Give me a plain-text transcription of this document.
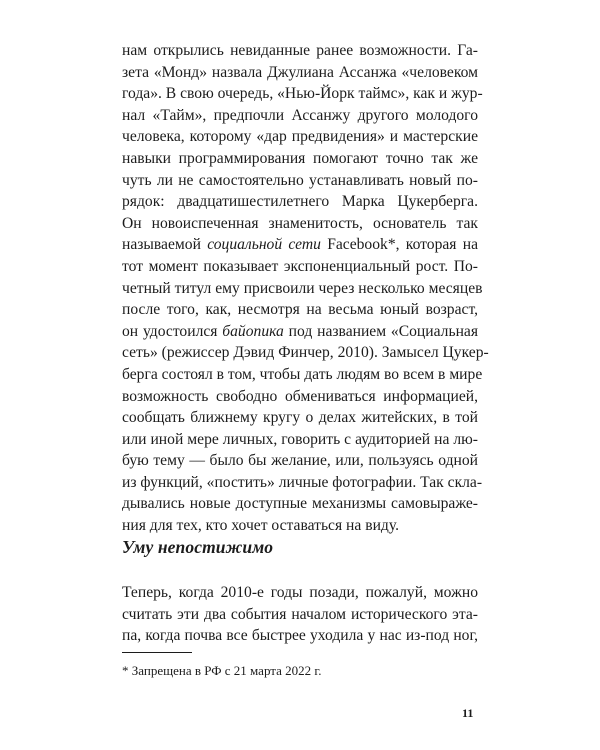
нам открылись невиданные ранее возможности. Га-
зета «Монд» назвала Джулиана Ассанжа «человеком
года». В свою очередь, «Нью-Йорк таймс», как и жур-
нал «Тайм», предпочли Ассанжу другого молодого
человека, которому «дар предвидения» и мастерские
навыки программирования помогают точно так же
чуть ли не самостоятельно устанавливать новый по-
рядок: двадцатишестилетнего Марка Цукерберга.
Он новоиспеченная знаменитость, основатель так
называемой социальной сети Facebook*, которая на
тот момент показывает экспоненциальный рост. По-
четный титул ему присвоили через несколько месяцев
после того, как, несмотря на весьма юный возраст,
он удостоился байопика под названием «Социальная
сеть» (режиссер Дэвид Финчер, 2010). Замысел Цукер-
берга состоял в том, чтобы дать людям во всем в мире
возможность свободно обмениваться информацией,
сообщать ближнему кругу о делах житейских, в той
или иной мере личных, говорить с аудиторией на лю-
бую тему — было бы желание, или, пользуясь одной
из функций, «постить» личные фотографии. Так скла-
дывались новые доступные механизмы самовыраже-
ния для тех, кто хочет оставаться на виду.

Уму непостижимо

Теперь, когда 2010-е годы позади, пожалуй, можно
считать эти два события началом исторического эта-
па, когда почва все быстрее уходила у нас из-под ног,

* Запрещена в РФ с 21 марта 2022 г.

11
